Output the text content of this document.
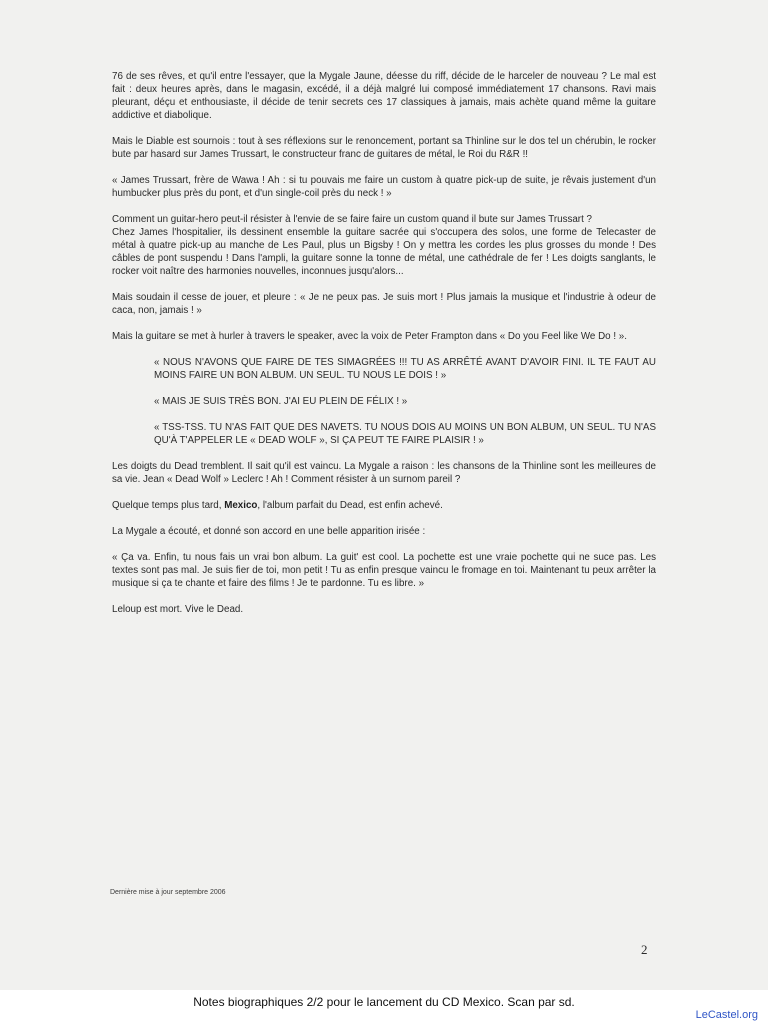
76 de ses rêves, et qu'il entre l'essayer, que la Mygale Jaune, déesse du riff, décide de le harceler de nouveau ? Le mal est fait : deux heures après, dans le magasin, excédé, il a déjà malgré lui composé immédiatement 17 chansons. Ravi mais pleurant, déçu et enthousiaste, il décide de tenir secrets ces 17 classiques à jamais, mais achète quand même la guitare addictive et diabolique.

Mais le Diable est sournois : tout à ses réflexions sur le renoncement, portant sa Thinline sur le dos tel un chérubin, le rocker bute par hasard sur James Trussart, le constructeur franc de guitares de métal, le Roi du R&R !!

« James Trussart, frère de Wawa ! Ah : si tu pouvais me faire un custom à quatre pick-up de suite, je rêvais justement d'un humbucker plus près du pont, et d'un single-coil près du neck ! »

Comment un guitar-hero peut-il résister à l'envie de se faire faire un custom quand il bute sur James Trussart ?

Chez James l'hospitalier, ils dessinent ensemble la guitare sacrée qui s'occupera des solos, une forme de Telecaster de métal à quatre pick-up au manche de Les Paul, plus un Bigsby ! On y mettra les cordes les plus grosses du monde ! Des câbles de pont suspendu ! Dans l'ampli, la guitare sonne la tonne de métal, une cathédrale de fer ! Les doigts sanglants, le rocker voit naître des harmonies nouvelles, inconnues jusqu'alors...

Mais soudain il cesse de jouer, et pleure : « Je ne peux pas. Je suis mort ! Plus jamais la musique et l'industrie à odeur de caca, non, jamais ! »

Mais la guitare se met à hurler à travers le speaker, avec la voix de Peter Frampton dans « Do you Feel like We Do ! ».

« NOUS N'AVONS QUE FAIRE DE TES SIMAGRÉES !!! TU AS ARRÊTÉ AVANT D'AVOIR FINI. IL TE FAUT AU MOINS FAIRE UN BON ALBUM. UN SEUL. TU NOUS LE DOIS ! »

« MAIS JE SUIS TRÈS BON. J'AI EU PLEIN DE FÉLIX ! »

« TSS-TSS. TU N'AS FAIT QUE DES NAVETS. TU NOUS DOIS AU MOINS UN BON ALBUM, UN SEUL. TU N'AS QU'À T'APPELER LE « DEAD WOLF », SI ÇA PEUT TE FAIRE PLAISIR ! »

Les doigts du Dead tremblent. Il sait qu'il est vaincu. La Mygale a raison : les chansons de la Thinline sont les meilleures de sa vie. Jean « Dead Wolf » Leclerc ! Ah ! Comment résister à un surnom pareil ?

Quelque temps plus tard, Mexico, l'album parfait du Dead, est enfin achevé.

La Mygale a écouté, et donné son accord en une belle apparition irisée :

« Ça va. Enfin, tu nous fais un vrai bon album. La guit' est cool. La pochette est une vraie pochette qui ne suce pas. Les textes sont pas mal. Je suis fier de toi, mon petit ! Tu as enfin presque vaincu le fromage en toi. Maintenant tu peux arrêter la musique si ça te chante et faire des films ! Je te pardonne. Tu es libre. »

Leloup est mort. Vive le Dead.

Dernière mise à jour septembre 2006
2
Notes biographiques 2/2 pour le lancement du CD Mexico. Scan par sd.
LeCastel.org
